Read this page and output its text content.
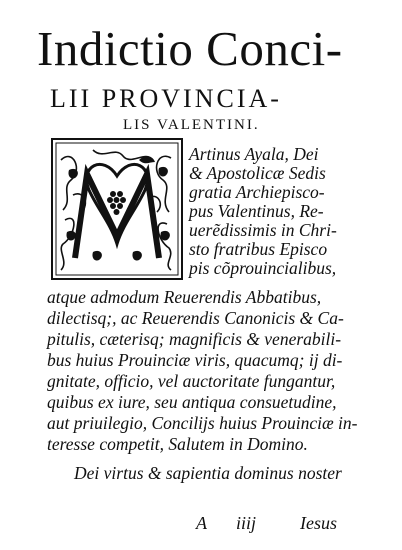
Indictio Conci-
LII PROVINCIA-
LIS VALENTINI.
Artinus Ayala, Dei
& Apostolicæ Sedis
gratia Archiepisco-
pus Valentinus, Re-
uerẽdissimis in Chri-
sto fratribus Episco
pis cõprouincialibus,
atque admodum Reuerendis Abbatibus,
dilectisq;, ac Reuerendis Canonicis & Ca-
pitulis, cæterisq; magnificis & venerabili-
bus huius Prouinciæ viris, quacumq; ij di-
gnitate, officio, vel auctoritate fungantur,
quibus ex iure, seu antiqua consuetudine,
aut priuilegio, Concilijs huius Prouinciæ in-
teresse competit, Salutem in Domino.
Dei virtus & sapientia dominus noster
A iiij Iesus
